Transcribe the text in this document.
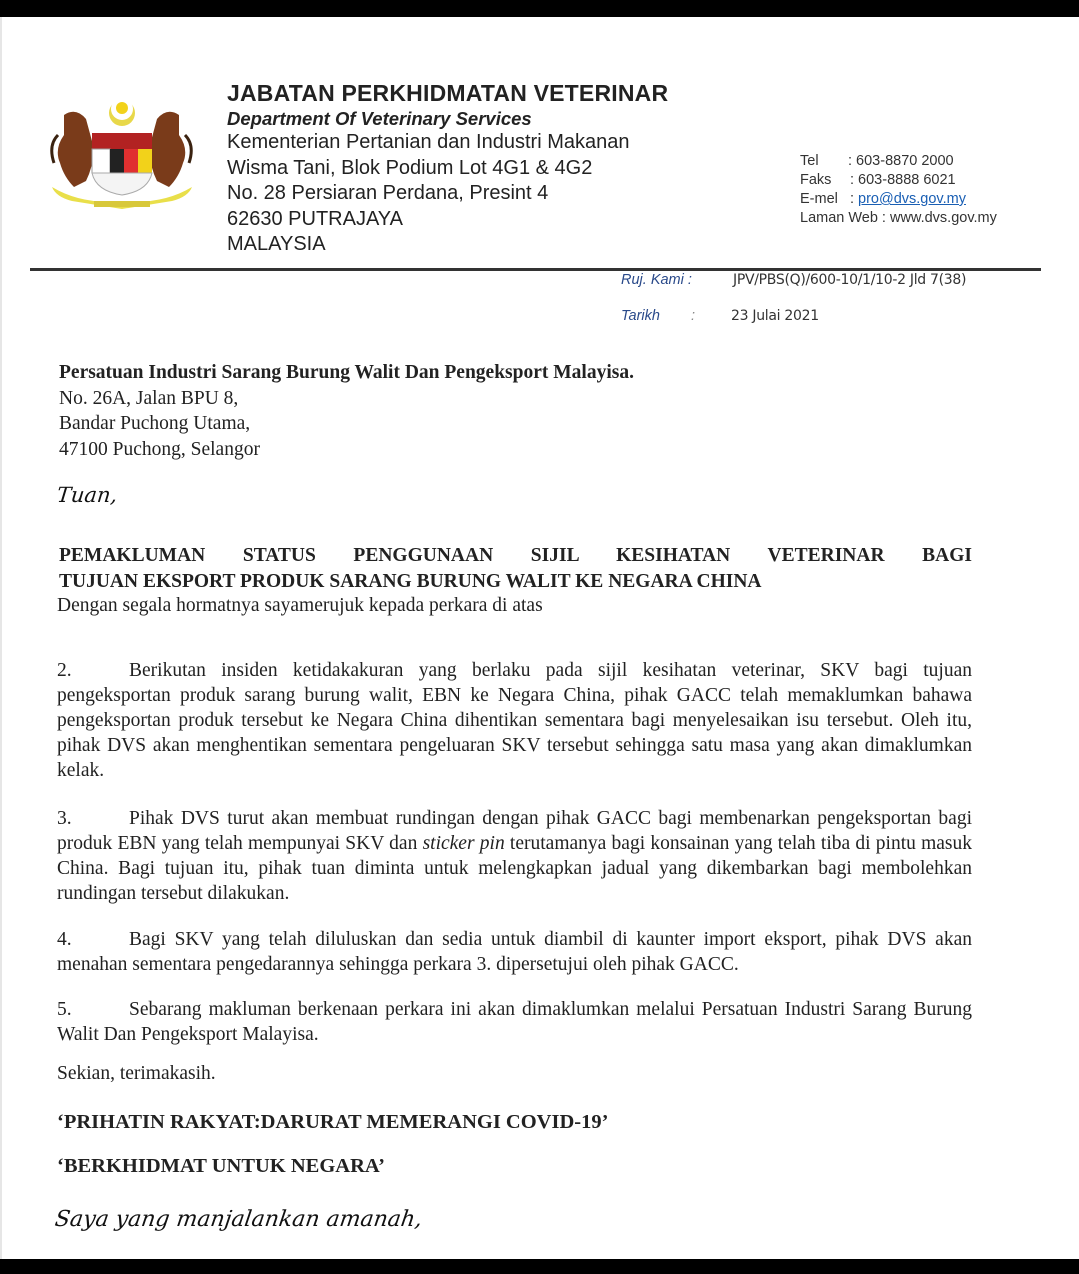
JABATAN PERKHIDMATAN VETERINAR
Department Of Veterinary Services
Kementerian Pertanian dan Industri Makanan
Wisma Tani, Blok Podium Lot 4G1 & 4G2
No. 28 Persiaran Perdana, Presint 4
62630 PUTRAJAYA
MALAYSIA
Tel	: 603-8870 2000
Faks	: 603-8888 6021
E-mel : pro@dvs.gov.my
Laman Web : www.dvs.gov.my
Ruj. Kami :	JPV/PBS(Q)/600-10/1/10-2 Jld 7(38)
Tarikh :	23 Julai 2021
Persatuan Industri Sarang Burung Walit Dan Pengeksport Malayisa.
No. 26A, Jalan BPU 8,
Bandar Puchong Utama,
47100 Puchong, Selangor
Tuan,
PEMAKLUMAN STATUS PENGGUNAAN SIJIL KESIHATAN VETERINAR BAGI
TUJUAN EKSPORT PRODUK SARANG BURUNG WALIT KE NEGARA CHINA
Dengan segala hormatnya sayamerujuk kepada perkara di atas
2.	Berikutan insiden ketidakakuran yang berlaku pada sijil kesihatan veterinar, SKV bagi tujuan pengeksportan produk sarang burung walit, EBN ke Negara China, pihak GACC telah memaklumkan bahawa pengeksportan produk tersebut ke Negara China dihentikan sementara bagi menyelesaikan isu tersebut. Oleh itu, pihak DVS akan menghentikan sementara pengeluaran SKV tersebut sehingga satu masa yang akan dimaklumkan kelak.
3.	Pihak DVS turut akan membuat rundingan dengan pihak GACC bagi membenarkan pengeksportan bagi produk EBN yang telah mempunyai SKV dan sticker pin terutamanya bagi konsainan yang telah tiba di pintu masuk China. Bagi tujuan itu, pihak tuan diminta untuk melengkapkan jadual yang dikembarkan bagi membolehkan rundingan tersebut dilakukan.
4.	Bagi SKV yang telah diluluskan dan sedia untuk diambil di kaunter import eksport, pihak DVS akan menahan sementara pengedarannya sehingga perkara 3. dipersetujui oleh pihak GACC.
5.	Sebarang makluman berkenaan perkara ini akan dimaklumkan melalui Persatuan Industri Sarang Burung Walit Dan Pengeksport Malayisa.
Sekian, terimakasih.
‘PRIHATIN RAKYAT:DARURAT MEMERANGI COVID-19’
‘BERKHIDMAT UNTUK NEGARA’
Saya yang manjalankan amanah,
